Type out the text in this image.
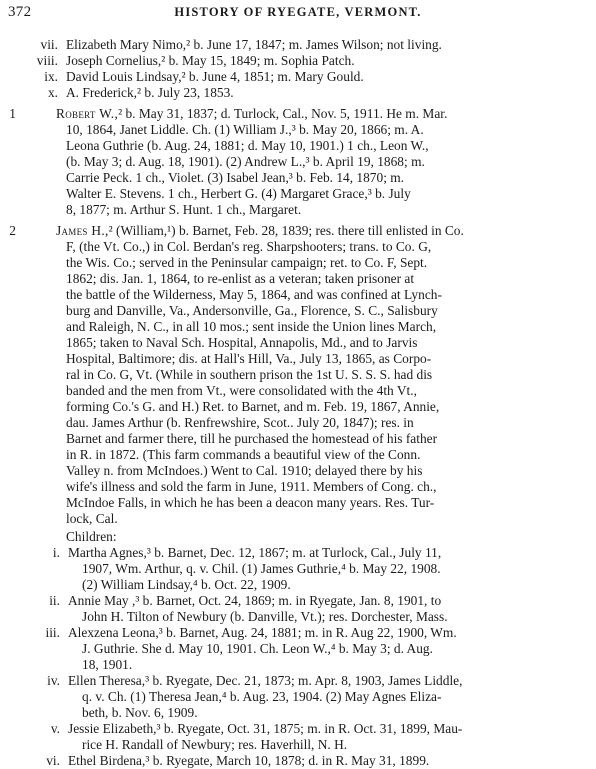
372	HISTORY OF RYEGATE, VERMONT.
vii. Elizabeth Mary Nimo,² b. June 17, 1847; m. James Wilson; not living.
viii. Joseph Cornelius,² b. May 15, 1849; m. Sophia Patch.
ix. David Louis Lindsay,² b. June 4, 1851; m. Mary Gould.
x. A. Frederick,² b. July 23, 1853.
1	Robert W.,² b. May 31, 1837; d. Turlock, Cal., Nov. 5, 1911. He m. Mar.
10, 1864, Janet Liddle. Ch. (1) William J.,³ b. May 20, 1866; m. A.
Leona Guthrie (b. Aug. 24, 1881; d. May 10, 1901.) 1 ch., Leon W.,
(b. May 3; d. Aug. 18, 1901). (2) Andrew L.,³ b. April 19, 1868; m.
Carrie Peck. 1 ch., Violet. (3) Isabel Jean,³ b. Feb. 14, 1870; m.
Walter E. Stevens. 1 ch., Herbert G. (4) Margaret Grace,³ b. July
8, 1877; m. Arthur S. Hunt. 1 ch., Margaret.
2	James H.,² (William,¹) b. Barnet, Feb. 28, 1839; res. there till enlisted in Co.
F, (the Vt. Co.,) in Col. Berdan's reg. Sharpshooters; trans. to Co. G,
the Wis. Co.; served in the Peninsular campaign; ret. to Co. F, Sept.
1862; dis. Jan. 1, 1864, to re-enlist as a veteran; taken prisoner at
the battle of the Wilderness, May 5, 1864, and was confined at Lynch-
burg and Danville, Va., Andersonville, Ga., Florence, S. C., Salisbury
and Raleigh, N. C., in all 10 mos.; sent inside the Union lines March,
1865; taken to Naval Sch. Hospital, Annapolis, Md., and to Jarvis
Hospital, Baltimore; dis. at Hall's Hill, Va., July 13, 1865, as Corpo-
ral in Co. G, Vt. (While in southern prison the 1st U. S. S. S. had dis
banded and the men from Vt., were consolidated with the 4th Vt.,
forming Co.'s G. and H.) Ret. to Barnet, and m. Feb. 19, 1867, Annie,
dau. James Arthur (b. Renfrewshire, Scot.. July 20, 1847); res. in
Barnet and farmer there, till he purchased the homestead of his father
in R. in 1872. (This farm commands a beautiful view of the Conn.
Valley n. from McIndoes.) Went to Cal. 1910; delayed there by his
wife's illness and sold the farm in June, 1911. Members of Cong. ch.,
McIndoe Falls, in which he has been a deacon many years. Res. Tur-
lock, Cal.
Children:
i. Martha Agnes,³ b. Barnet, Dec. 12, 1867; m. at Turlock, Cal., July 11,
1907, Wm. Arthur, q. v. Chil. (1) James Guthrie,⁴ b. May 22, 1908.
(2) William Lindsay,⁴ b. Oct. 22, 1909.
ii. Annie May ,³ b. Barnet, Oct. 24, 1869; m. in Ryegate, Jan. 8, 1901, to
John H. Tilton of Newbury (b. Danville, Vt.); res. Dorchester, Mass.
iii. Alexzena Leona,³ b. Barnet, Aug. 24, 1881; m. in R. Aug 22, 1900, Wm.
J. Guthrie. She d. May 10, 1901. Ch. Leon W.,⁴ b. May 3; d. Aug.
18, 1901.
iv. Ellen Theresa,³ b. Ryegate, Dec. 21, 1873; m. Apr. 8, 1903, James Liddle,
q. v. Ch. (1) Theresa Jean,⁴ b. Aug. 23, 1904. (2) May Agnes Eliza-
beth, b. Nov. 6, 1909.
v. Jessie Elizabeth,³ b. Ryegate, Oct. 31, 1875; m. in R. Oct. 31, 1899, Mau-
rice H. Randall of Newbury; res. Haverhill, N. H.
vi. Ethel Birdena,³ b. Ryegate, March 10, 1878; d. in R. May 31, 1899.
